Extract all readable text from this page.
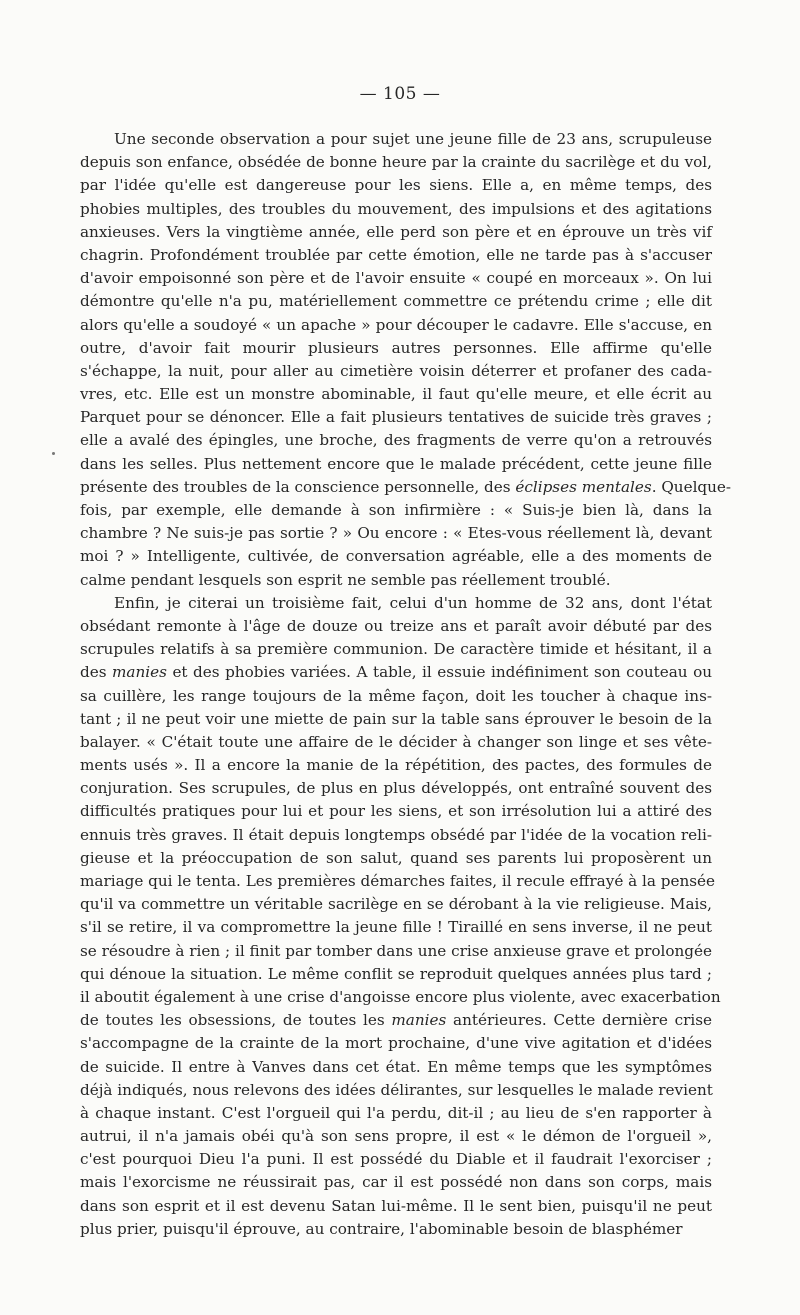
— 105 —
Une seconde observation a pour sujet une jeune fille de 23 ans, scrupuleuse
depuis son enfance, obsédée de bonne heure par la crainte du sacrilège et du vol,
par l'idée qu'elle est dangereuse pour les siens. Elle a, en même temps, des
phobies multiples, des troubles du mouvement, des impulsions et des agitations
anxieuses. Vers la vingtième année, elle perd son père et en éprouve un très vif
chagrin. Profondément troublée par cette émotion, elle ne tarde pas à s'accuser
d'avoir empoisonné son père et de l'avoir ensuite « coupé en morceaux ». On lui
démontre qu'elle n'a pu, matériellement commettre ce prétendu crime ; elle dit
alors qu'elle a soudoyé « un apache » pour découper le cadavre. Elle s'accuse, en
outre, d'avoir fait mourir plusieurs autres personnes. Elle affirme qu'elle
s'échappe, la nuit, pour aller au cimetière voisin déterrer et profaner des cada-
vres, etc. Elle est un monstre abominable, il faut qu'elle meure, et elle écrit au
Parquet pour se dénoncer. Elle a fait plusieurs tentatives de suicide très graves ;
elle a avalé des épingles, une broche, des fragments de verre qu'on a retrouvés
dans les selles. Plus nettement encore que le malade précédent, cette jeune fille
présente des troubles de la conscience personnelle, des éclipses mentales. Quelque-
fois, par exemple, elle demande à son infirmière : « Suis-je bien là, dans la
chambre ? Ne suis-je pas sortie ? » Ou encore : « Etes-vous réellement là, devant
moi ? » Intelligente, cultivée, de conversation agréable, elle a des moments de
calme pendant lesquels son esprit ne semble pas réellement troublé.
Enfin, je citerai un troisième fait, celui d'un homme de 32 ans, dont l'état
obsédant remonte à l'âge de douze ou treize ans et paraît avoir débuté par des
scrupules relatifs à sa première communion. De caractère timide et hésitant, il a
des manies et des phobies variées. A table, il essuie indéfiniment son couteau ou
sa cuillère, les range toujours de la même façon, doit les toucher à chaque ins-
tant ; il ne peut voir une miette de pain sur la table sans éprouver le besoin de la
balayer. « C'était toute une affaire de le décider à changer son linge et ses vête-
ments usés ». Il a encore la manie de la répétition, des pactes, des formules de
conjuration. Ses scrupules, de plus en plus développés, ont entraîné souvent des
difficultés pratiques pour lui et pour les siens, et son irrésolution lui a attiré des
ennuis très graves. Il était depuis longtemps obsédé par l'idée de la vocation reli-
gieuse et la préoccupation de son salut, quand ses parents lui proposèrent un
mariage qui le tenta. Les premières démarches faites, il recule effrayé à la pensée
qu'il va commettre un véritable sacrilège en se dérobant à la vie religieuse. Mais,
s'il se retire, il va compromettre la jeune fille ! Tiraillé en sens inverse, il ne peut
se résoudre à rien ; il finit par tomber dans une crise anxieuse grave et prolongée
qui dénoue la situation. Le même conflit se reproduit quelques années plus tard ;
il aboutit également à une crise d'angoisse encore plus violente, avec exacerbation
de toutes les obsessions, de toutes les manies antérieures. Cette dernière crise
s'accompagne de la crainte de la mort prochaine, d'une vive agitation et d'idées
de suicide. Il entre à Vanves dans cet état. En même temps que les symptômes
déjà indiqués, nous relevons des idées délirantes, sur lesquelles le malade revient
à chaque instant. C'est l'orgueil qui l'a perdu, dit-il ; au lieu de s'en rapporter à
autrui, il n'a jamais obéi qu'à son sens propre, il est « le démon de l'orgueil »,
c'est pourquoi Dieu l'a puni. Il est possédé du Diable et il faudrait l'exorciser ;
mais l'exorcisme ne réussirait pas, car il est possédé non dans son corps, mais
dans son esprit et il est devenu Satan lui-même. Il le sent bien, puisqu'il ne peut
plus prier, puisqu'il éprouve, au contraire, l'abominable besoin de blasphémer
